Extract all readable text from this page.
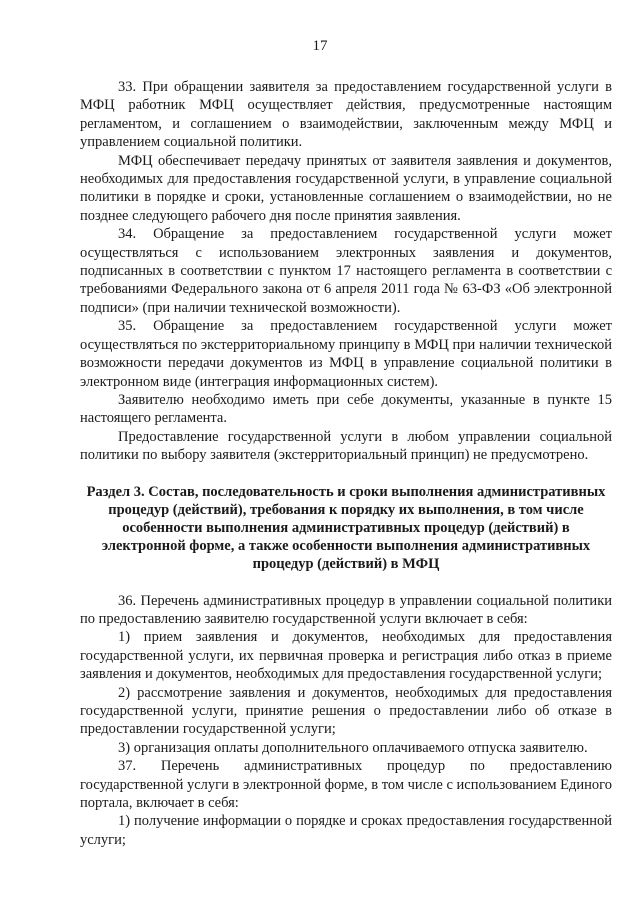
17

33. При обращении заявителя за предоставлением государственной услуги в МФЦ работник МФЦ осуществляет действия, предусмотренные настоящим регламентом, и соглашением о взаимодействии, заключенным между МФЦ и управлением социальной политики.

МФЦ обеспечивает передачу принятых от заявителя заявления и документов, необходимых для предоставления государственной услуги, в управление социальной политики в порядке и сроки, установленные соглашением о взаимодействии, но не позднее следующего рабочего дня после принятия заявления.

34. Обращение за предоставлением государственной услуги может осуществляться с использованием электронных заявления и документов, подписанных в соответствии с пунктом 17 настоящего регламента в соответствии с требованиями Федерального закона от 6 апреля 2011 года № 63-ФЗ «Об электронной подписи» (при наличии технической возможности).

35. Обращение за предоставлением государственной услуги может осуществляться по экстерриториальному принципу в МФЦ при наличии технической возможности передачи документов из МФЦ в управление социальной политики в электронном виде (интеграция информационных систем).

Заявителю необходимо иметь при себе документы, указанные в пункте 15 настоящего регламента.

Предоставление государственной услуги в любом управлении социальной политики по выбору заявителя (экстерриториальный принцип) не предусмотрено.

Раздел 3. Состав, последовательность и сроки выполнения административных процедур (действий), требования к порядку их выполнения, в том числе особенности выполнения административных процедур (действий) в электронной форме, а также особенности выполнения административных процедур (действий) в МФЦ

36. Перечень административных процедур в управлении социальной политики по предоставлению заявителю государственной услуги включает в себя:

1) прием заявления и документов, необходимых для предоставления государственной услуги, их первичная проверка и регистрация либо отказ в приеме заявления и документов, необходимых для предоставления государственной услуги;

2) рассмотрение заявления и документов, необходимых для предоставления государственной услуги, принятие решения о предоставлении либо об отказе в предоставлении государственной услуги;

3) организация оплаты дополнительного оплачиваемого отпуска заявителю.

37. Перечень административных процедур по предоставлению государственной услуги в электронной форме, в том числе с использованием Единого портала, включает в себя:

1) получение информации о порядке и сроках предоставления государственной услуги;
